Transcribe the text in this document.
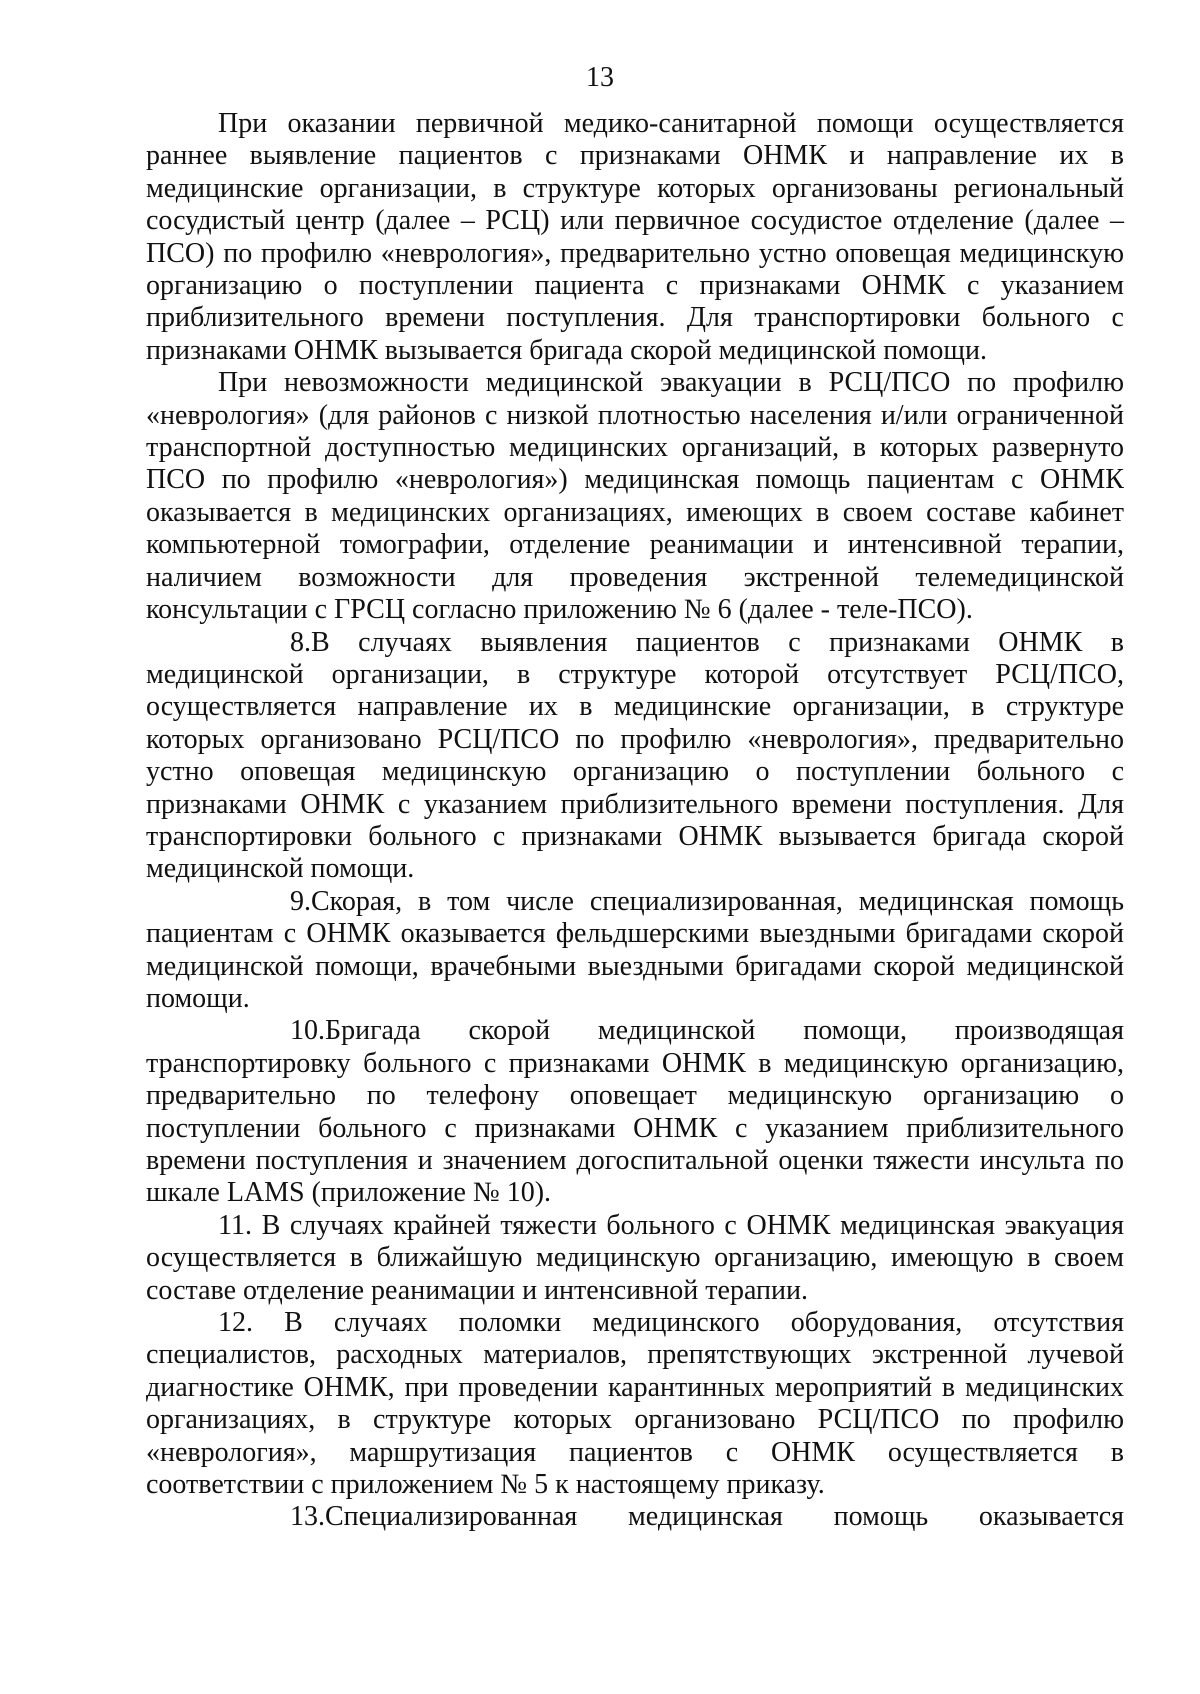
13

При оказании первичной медико-санитарной помощи осуществляется раннее выявление пациентов с признаками ОНМК и направление их в медицинские организации, в структуре которых организованы региональный сосудистый центр (далее – РСЦ) или первичное сосудистое отделение (далее – ПСО) по профилю «неврология», предварительно устно оповещая медицинскую организацию о поступлении пациента с признаками ОНМК с указанием приблизительного времени поступления. Для транспортировки больного с признаками ОНМК вызывается бригада скорой медицинской помощи.

При невозможности медицинской эвакуации в РСЦ/ПСО по профилю «неврология» (для районов с низкой плотностью населения и/или ограниченной транспортной доступностью медицинских организаций, в которых развернуто ПСО по профилю «неврология») медицинская помощь пациентам с ОНМК оказывается в медицинских организациях, имеющих в своем составе кабинет компьютерной томографии, отделение реанимации и интенсивной терапии, наличием возможности для проведения экстренной телемедицинской консультации с ГРСЦ согласно приложению № 6 (далее - теле-ПСО).

8.В случаях выявления пациентов с признаками ОНМК в медицинской организации, в структуре которой отсутствует РСЦ/ПСО, осуществляется направление их в медицинские организации, в структуре которых организовано РСЦ/ПСО по профилю «неврология», предварительно устно оповещая медицинскую организацию о поступлении больного с признаками ОНМК с указанием приблизительного времени поступления. Для транспортировки больного с признаками ОНМК вызывается бригада скорой медицинской помощи.

9.Скорая, в том числе специализированная, медицинская помощь пациентам с ОНМК оказывается фельдшерскими выездными бригадами скорой медицинской помощи, врачебными выездными бригадами скорой медицинской помощи.

10.Бригада скорой медицинской помощи, производящая транспортировку больного с признаками ОНМК в медицинскую организацию, предварительно по телефону оповещает медицинскую организацию о поступлении больного с признаками ОНМК с указанием приблизительного времени поступления и значением догоспитальной оценки тяжести инсульта по шкале LAMS (приложение № 10).

11. В случаях крайней тяжести больного с ОНМК медицинская эвакуация осуществляется в ближайшую медицинскую организацию, имеющую в своем составе отделение реанимации и интенсивной терапии.

12. В случаях поломки медицинского оборудования, отсутствия специалистов, расходных материалов, препятствующих экстренной лучевой диагностике ОНМК, при проведении карантинных мероприятий в медицинских организациях, в структуре которых организовано РСЦ/ПСО по профилю «неврология», маршрутизация пациентов с ОНМК осуществляется в соответствии с приложением № 5 к настоящему приказу.

13.Специализированная медицинская помощь оказывается
